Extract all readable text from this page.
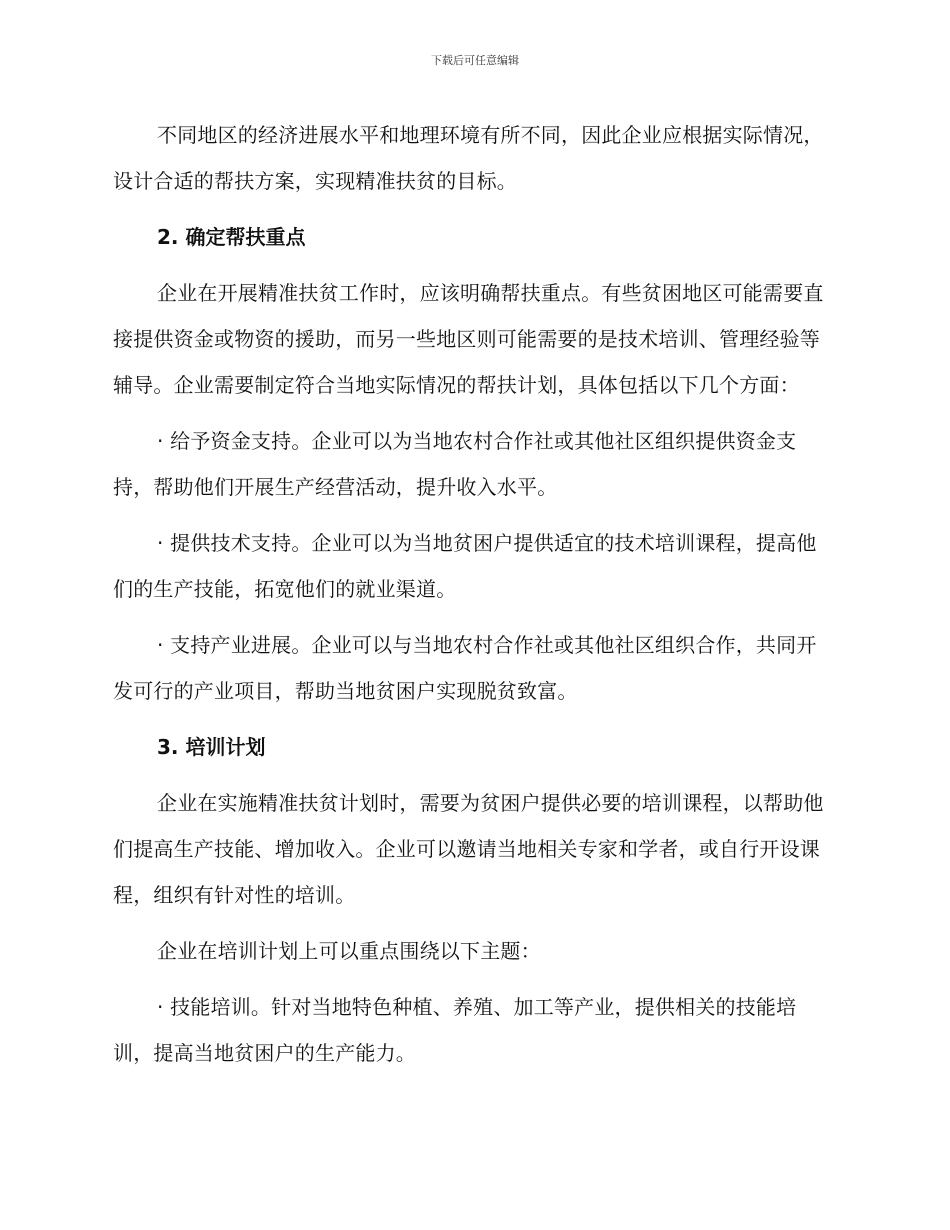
下载后可任意编辑

不同地区的经济进展水平和地理环境有所不同，因此企业应根据实际情况，设计合适的帮扶方案，实现精准扶贫的目标。

2. 确定帮扶重点

企业在开展精准扶贫工作时，应该明确帮扶重点。有些贫困地区可能需要直接提供资金或物资的援助，而另一些地区则可能需要的是技术培训、管理经验等辅导。企业需要制定符合当地实际情况的帮扶计划，具体包括以下几个方面：

· 给予资金支持。企业可以为当地农村合作社或其他社区组织提供资金支持，帮助他们开展生产经营活动，提升收入水平。

· 提供技术支持。企业可以为当地贫困户提供适宜的技术培训课程，提高他们的生产技能，拓宽他们的就业渠道。

· 支持产业进展。企业可以与当地农村合作社或其他社区组织合作，共同开发可行的产业项目，帮助当地贫困户实现脱贫致富。

3. 培训计划

企业在实施精准扶贫计划时，需要为贫困户提供必要的培训课程，以帮助他们提高生产技能、增加收入。企业可以邀请当地相关专家和学者，或自行开设课程，组织有针对性的培训。

企业在培训计划上可以重点围绕以下主题：

· 技能培训。针对当地特色种植、养殖、加工等产业，提供相关的技能培训，提高当地贫困户的生产能力。
